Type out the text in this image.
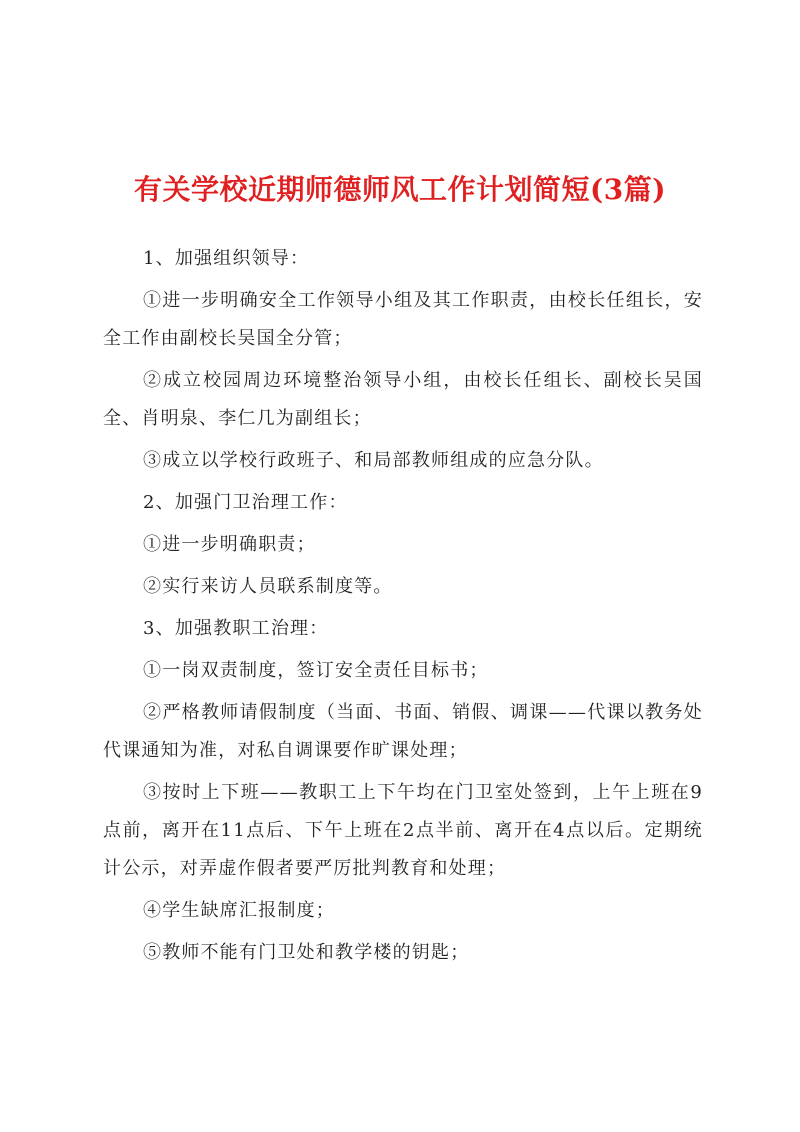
有关学校近期师德师风工作计划简短(3篇)

1、加强组织领导：

①进一步明确安全工作领导小组及其工作职责，由校长任组长，安全工作由副校长吴国全分管；

②成立校园周边环境整治领导小组，由校长任组长、副校长吴国全、肖明泉、李仁几为副组长；

③成立以学校行政班子、和局部教师组成的应急分队。

2、加强门卫治理工作：

①进一步明确职责；

②实行来访人员联系制度等。

3、加强教职工治理：

①一岗双责制度，签订安全责任目标书；

②严格教师请假制度（当面、书面、销假、调课——代课以教务处代课通知为准，对私自调课要作旷课处理；

③按时上下班——教职工上下午均在门卫室处签到，上午上班在9点前，离开在11点后、下午上班在2点半前、离开在4点以后。定期统计公示，对弄虚作假者要严厉批判教育和处理；

④学生缺席汇报制度；

⑤教师不能有门卫处和教学楼的钥匙；
